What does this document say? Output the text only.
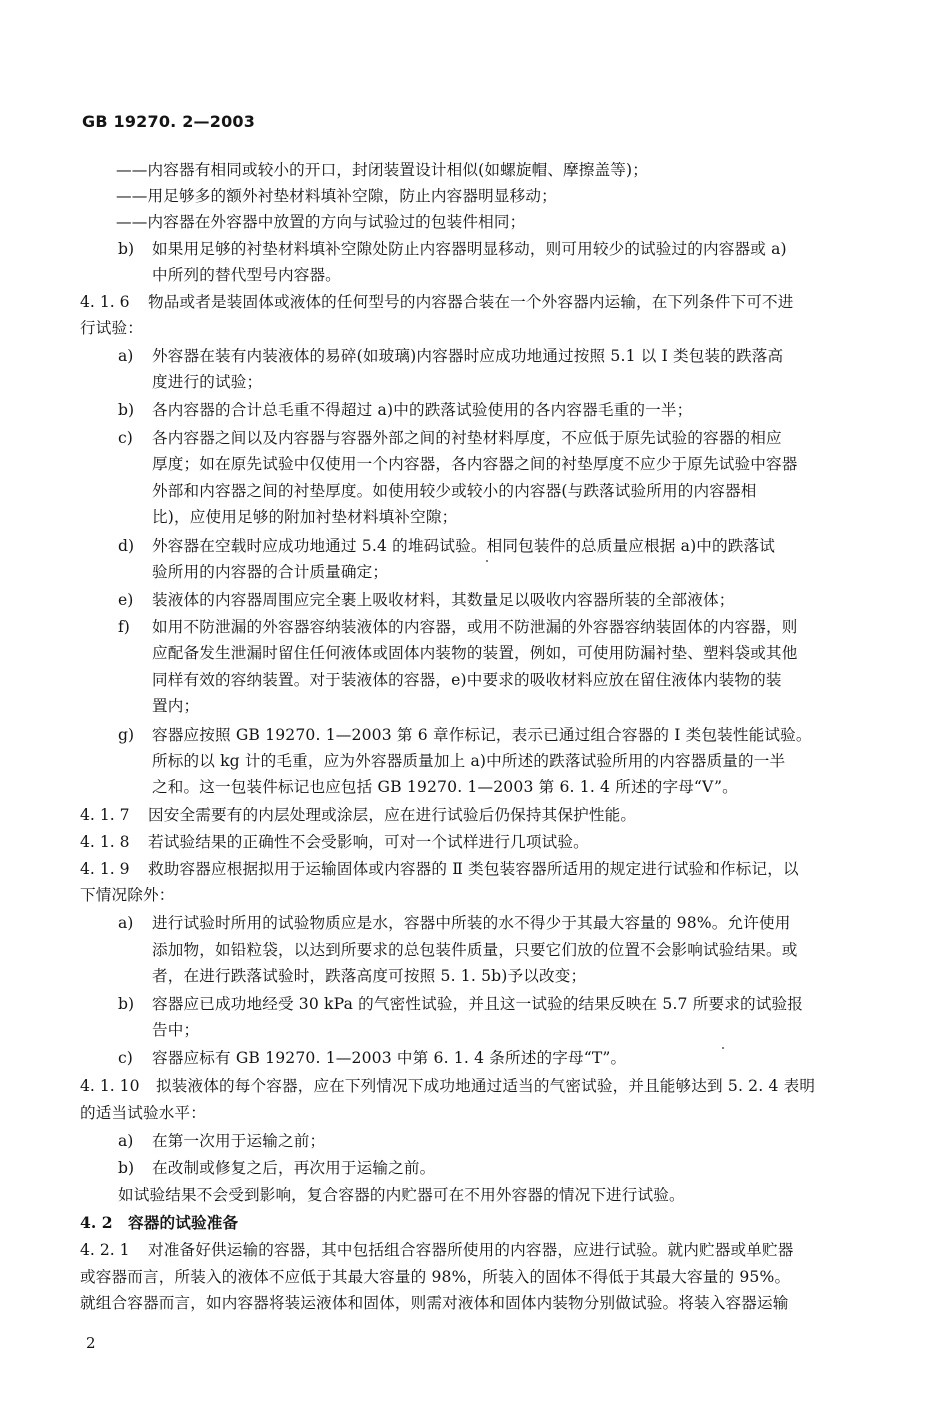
GB 19270. 2—2003
——内容器有相同或较小的开口，封闭装置设计相似(如螺旋帽、摩擦盖等)；
——用足够多的额外衬垫材料填补空隙，防止内容器明显移动；
——内容器在外容器中放置的方向与试验过的包装件相同；
b) 如果用足够的衬垫材料填补空隙处防止内容器明显移动，则可用较少的试验过的内容器或 a)
中所列的替代型号内容器。
4. 1. 6 物品或者是装固体或液体的任何型号的内容器合装在一个外容器内运输，在下列条件下可不进
行试验：
a) 外容器在装有内装液体的易碎(如玻璃)内容器时应成功地通过按照 5.1 以 Ⅰ 类包装的跌落高
度进行的试验；
b) 各内容器的合计总毛重不得超过 a)中的跌落试验使用的各内容器毛重的一半；
c) 各内容器之间以及内容器与容器外部之间的衬垫材料厚度，不应低于原先试验的容器的相应
厚度；如在原先试验中仅使用一个内容器，各内容器之间的衬垫厚度不应少于原先试验中容器
外部和内容器之间的衬垫厚度。如使用较少或较小的内容器(与跌落试验所用的内容器相
比)，应使用足够的附加衬垫材料填补空隙；
d) 外容器在空载时应成功地通过 5.4 的堆码试验。相同包装件的总质量应根据 a)中的跌落试
验所用的内容器的合计质量确定；
e) 装液体的内容器周围应完全裹上吸收材料，其数量足以吸收内容器所装的全部液体；
f) 如用不防泄漏的外容器容纳装液体的内容器，或用不防泄漏的外容器容纳装固体的内容器，则
应配备发生泄漏时留住任何液体或固体内装物的装置，例如，可使用防漏衬垫、塑料袋或其他
同样有效的容纳装置。对于装液体的容器，e)中要求的吸收材料应放在留住液体内装物的装
置内；
g) 容器应按照 GB 19270. 1—2003 第 6 章作标记，表示已通过组合容器的 Ⅰ 类包装性能试验。
所标的以 kg 计的毛重，应为外容器质量加上 a)中所述的跌落试验所用的内容器质量的一半
之和。这一包装件标记也应包括 GB 19270. 1—2003 第 6. 1. 4 所述的字母“V”。
4. 1. 7 因安全需要有的内层处理或涂层，应在进行试验后仍保持其保护性能。
4. 1. 8 若试验结果的正确性不会受影响，可对一个试样进行几项试验。
4. 1. 9 救助容器应根据拟用于运输固体或内容器的 Ⅱ 类包装容器所适用的规定进行试验和作标记，以
下情况除外：
a) 进行试验时所用的试验物质应是水，容器中所装的水不得少于其最大容量的 98%。允许使用
添加物，如铅粒袋，以达到所要求的总包装件质量，只要它们放的位置不会影响试验结果。或
者，在进行跌落试验时，跌落高度可按照 5. 1. 5b)予以改变；
b) 容器应已成功地经受 30 kPa 的气密性试验，并且这一试验的结果反映在 5.7 所要求的试验报
告中；
c) 容器应标有 GB 19270. 1—2003 中第 6. 1. 4 条所述的字母“T”。
4. 1. 10 拟装液体的每个容器，应在下列情况下成功地通过适当的气密试验，并且能够达到 5. 2. 4 表明
的适当试验水平：
a) 在第一次用于运输之前；
b) 在改制或修复之后，再次用于运输之前。
如试验结果不会受到影响，复合容器的内贮器可在不用外容器的情况下进行试验。
4. 2 容器的试验准备
4. 2. 1 对准备好供运输的容器，其中包括组合容器所使用的内容器，应进行试验。就内贮器或单贮器
或容器而言，所装入的液体不应低于其最大容量的 98%，所装入的固体不得低于其最大容量的 95%。
就组合容器而言，如内容器将装运液体和固体，则需对液体和固体内装物分别做试验。将装入容器运输
2
